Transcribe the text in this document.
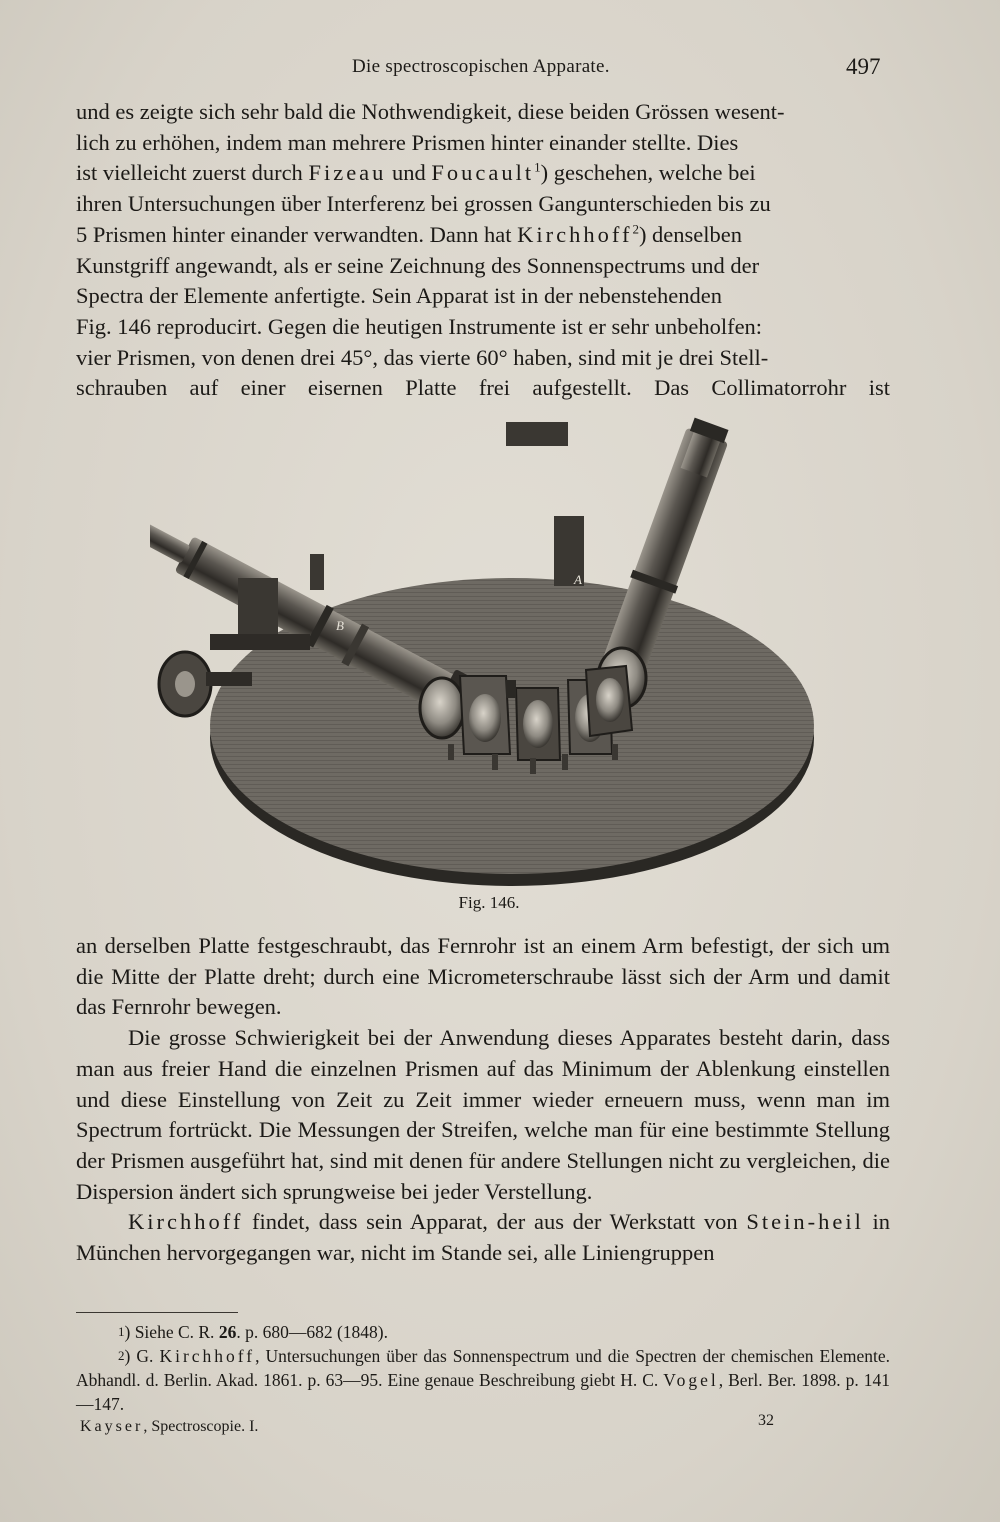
Die spectroscopischen Apparate.	497

und es zeigte sich sehr bald die Nothwendigkeit, diese beiden Grössen wesent-

lich zu erhöhen, indem man mehrere Prismen hinter einander stellte. Dies

ist vielleicht zuerst durch Fizeau und Foucault$^1$) geschehen, welche bei

ihren Untersuchungen über Interferenz bei grossen Gangunterschieden bis zu

5 Prismen hinter einander verwandten. Dann hat Kirchhoff$^2$) denselben

Kunstgriff angewandt, als er seine Zeichnung des Sonnenspectrums und der

Spectra der Elemente anfertigte. Sein Apparat ist in der nebenstehenden

Fig. 146 reproducirt. Gegen die heutigen Instrumente ist er sehr unbeholfen:

vier Prismen, von denen drei 45°, das vierte 60° haben, sind mit je drei Stell-

schrauben auf einer eisernen Platte frei aufgestellt. Das Collimatorrohr ist

B
A
Fig. 146.

an derselben Platte festgeschraubt, das Fernrohr ist an einem Arm befestigt, der sich um die Mitte der Platte dreht; durch eine Micrometerschraube lässt sich der Arm und damit das Fernrohr bewegen.

Die grosse Schwierigkeit bei der Anwendung dieses Apparates besteht darin, dass man aus freier Hand die einzelnen Prismen auf das Minimum der Ablenkung einstellen und diese Einstellung von Zeit zu Zeit immer wieder erneuern muss, wenn man im Spectrum fortrückt. Die Messungen der Streifen, welche man für eine bestimmte Stellung der Prismen ausgeführt hat, sind mit denen für andere Stellungen nicht zu vergleichen, die Dispersion ändert sich sprungweise bei jeder Verstellung.

Kirchhoff findet, dass sein Apparat, der aus der Werkstatt von Stein-heil in München hervorgegangen war, nicht im Stande sei, alle Liniengruppen

1) Siehe C. R. 26. p. 680—682 (1848).

2) G. Kirchhoff, Untersuchungen über das Sonnenspectrum und die Spectren der chemischen Elemente. Abhandl. d. Berlin. Akad. 1861. p. 63—95. Eine genaue Beschreibung giebt H. C. Vogel, Berl. Ber. 1898. p. 141—147.

Kayser, Spectroscopie. I.	32
